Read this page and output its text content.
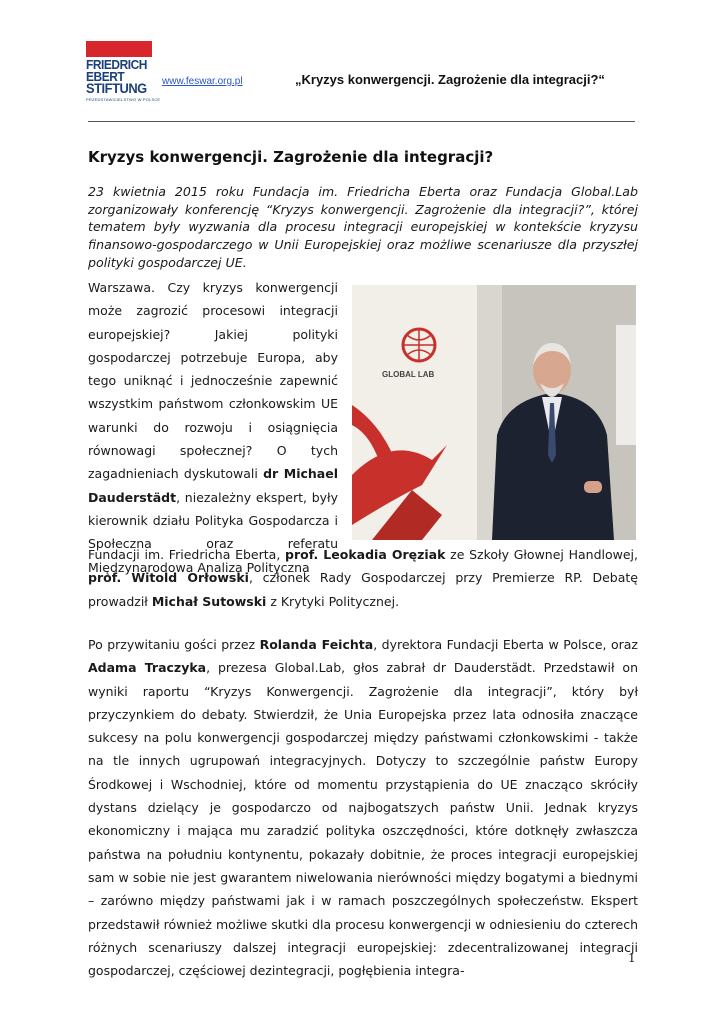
FRIEDRICH
EBERT
STIFTUNG
PRZEDSTAWICIELSTWO W POLSCE
www.feswar.org.pl	„Kryzys konwergencji. Zagrożenie dla integracji?“
Kryzys konwergencji. Zagrożenie dla integracji?
23 kwietnia 2015 roku Fundacja im. Friedricha Eberta oraz Fundacja Global.Lab zorganizowały konferencję “Kryzys konwergencji. Zagrożenie dla integracji?”, której tematem były wyzwania dla procesu integracji europejskiej w kontekście kryzysu finansowo-gospodarczego w Unii Europejskiej oraz możliwe scenariusze dla przyszłej polityki gospodarczej UE.
Warszawa. Czy kryzys konwergencji może zagrozić procesowi integracji europejskiej? Jakiej polityki gospodarczej potrzebuje Europa, aby tego uniknąć i jednocześnie zapewnić wszystkim państwom członkowskim UE warunki do rozwoju i osiągnięcia równowagi społecznej? O tych zagadnieniach dyskutowali dr Michael Dauderstädt, niezależny ekspert, były kierownik działu Polityka Gospodarcza i Społeczna oraz referatu Międzynarodowa Analiza Polityczna
Fundacji im. Friedricha Eberta, prof. Leokadia Oręziak ze Szkoły Głownej Handlowej, prof. Witold Orłowski, członek Rady Gospodarczej przy Premierze RP. Debatę prowadził Michał Sutowski z Krytyki Politycznej.
GLOBAL LAB
Po przywitaniu gości przez Rolanda Feichta, dyrektora Fundacji Eberta w Polsce, oraz Adama Traczyka, prezesa Global.Lab, głos zabrał dr Dauderstädt. Przedstawił on wyniki raportu “Kryzys Konwergencji. Zagrożenie dla integracji”, który był przyczynkiem do debaty. Stwierdził, że Unia Europejska przez lata odnosiła znaczące sukcesy na polu konwergencji gospodarczej między państwami członkowskimi - także na tle innych ugrupowań integracyjnych. Dotyczy to szczególnie państw Europy Środkowej i Wschodniej, które od momentu przystąpienia do UE znacząco skróciły dystans dzielący je gospodarczo od najbogatszych państw Unii. Jednak kryzys ekonomiczny i mająca mu zaradzić polityka oszczędności, które dotknęły zwłaszcza państwa na południu kontynentu, pokazały dobitnie, że proces integracji europejskiej sam w sobie nie jest gwarantem niwelowania nierówności między bogatymi a biednymi – zarówno między państwami jak i w ramach poszczególnych społeczeństw. Ekspert przedstawił również możliwe skutki dla procesu konwergencji w odniesieniu do czterech różnych scenariuszy dalszej integracji europejskiej: zdecentralizowanej integracji gospodarczej, częściowej dezintegracji, pogłębienia integra-
1
